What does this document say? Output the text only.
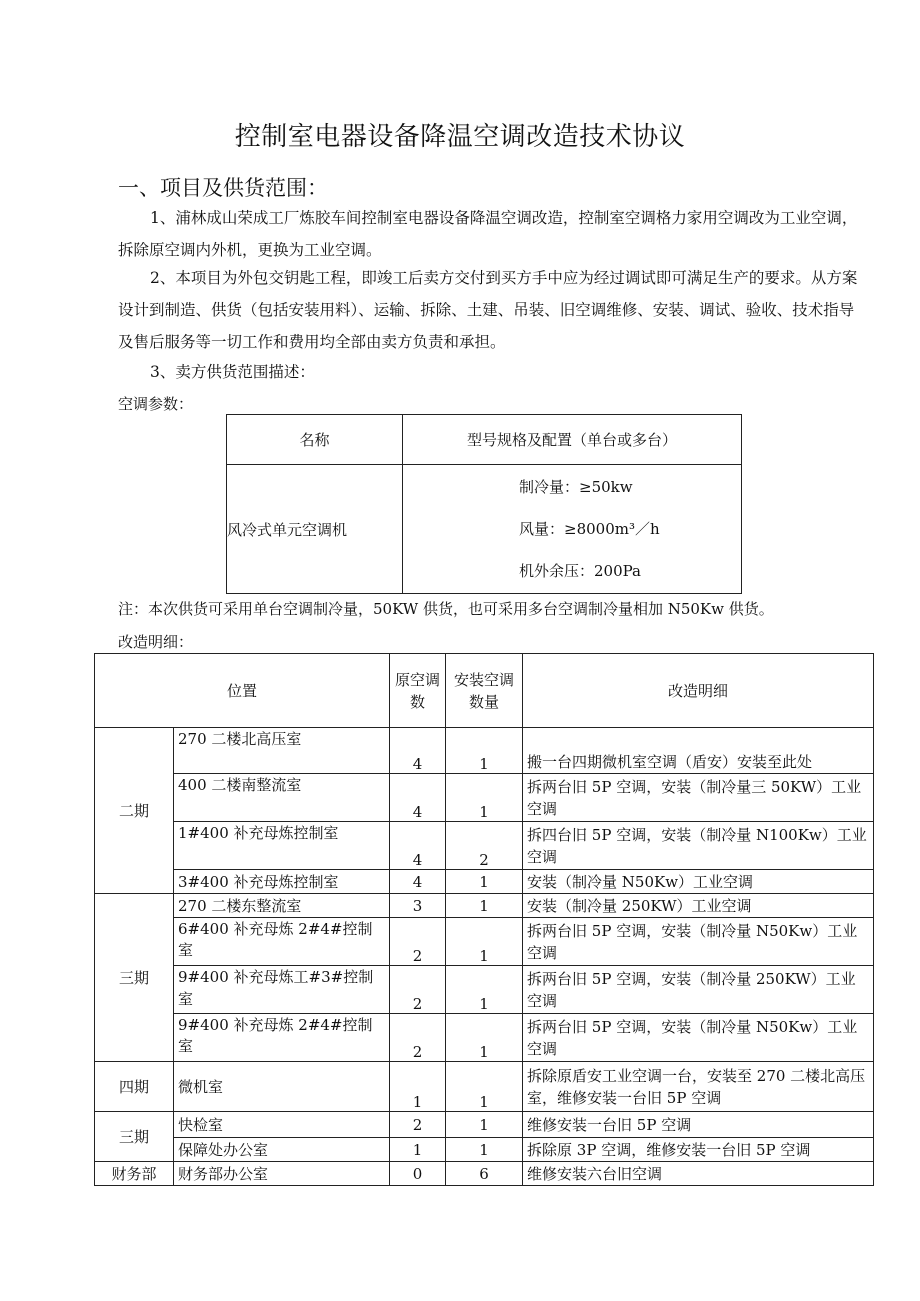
控制室电器设备降温空调改造技术协议
一、项目及供货范围：
1、浦林成山荣成工厂炼胶车间控制室电器设备降温空调改造，控制室空调格力家用空调改为工业空调，拆除原空调内外机，更换为工业空调。
2、本项目为外包交钥匙工程，即竣工后卖方交付到买方手中应为经过调试即可满足生产的要求。从方案设计到制造、供货（包括安装用料）、运输、拆除、土建、吊装、旧空调维修、安装、调试、验收、技术指导及售后服务等一切工作和费用均全部由卖方负责和承担。
3、卖方供货范围描述：
空调参数：
名称	型号规格及配置（单台或多台）
风冷式单元空调机	制冷量：≥50kw
风量：≥8000m³／h
机外余压：200Pa
注：本次供货可采用单台空调制冷量，50KW 供货，也可采用多台空调制冷量相加 N50Kw 供货。
改造明细：
位置		原空调数	安装空调数量	改造明细
二期	270 二楼北高压室	4	1	搬一台四期微机室空调（盾安）安装至此处
	400 二楼南整流室	4	1	拆两台旧 5P 空调，安装（制冷量三 50KW）工业空调
	1#400 补充母炼控制室	4	2	拆四台旧 5P 空调，安装（制冷量 N100Kw）工业空调
	3#400 补充母炼控制室	4	1	安装（制冷量 N50Kw）工业空调
三期	270 二楼东整流室	3	1	安装（制冷量 250KW）工业空调
	6#400 补充母炼 2#4#控制室	2	1	拆两台旧 5P 空调，安装（制冷量 N50Kw）工业空调
	9#400 补充母炼工#3#控制室	2	1	拆两台旧 5P 空调，安装（制冷量 250KW）工业空调
	9#400 补充母炼 2#4#控制室	2	1	拆两台旧 5P 空调，安装（制冷量 N50Kw）工业空调
四期	微机室	1	1	拆除原盾安工业空调一台，安装至 270 二楼北高压室，维修安装一台旧 5P 空调
三期	快检室	2	1	维修安装一台旧 5P 空调
	保障处办公室	1	1	拆除原 3P 空调，维修安装一台旧 5P 空调
财务部	财务部办公室	0	6	维修安装六台旧空调
